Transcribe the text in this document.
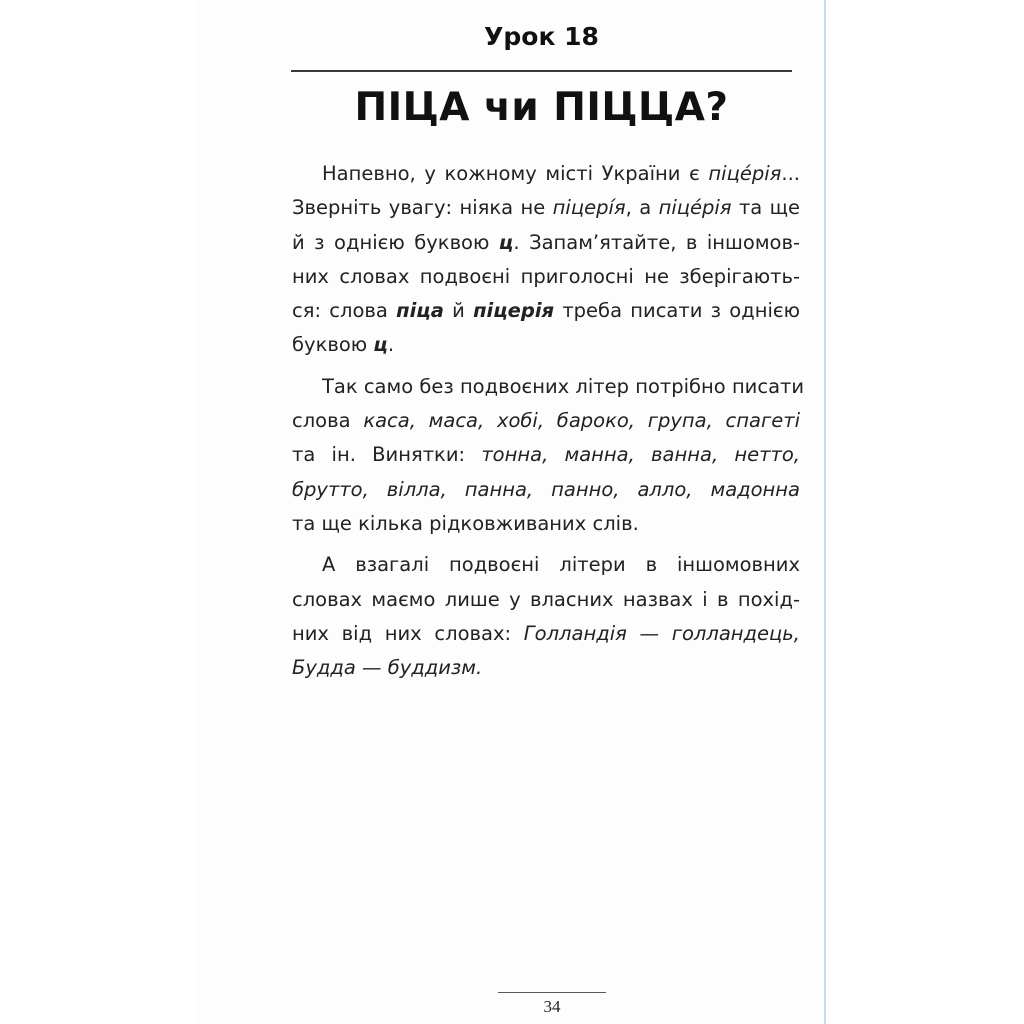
Урок 18
ПІЦА чи ПІЦЦА?

Напевно, у кожному місті України є піце́рія...
Зверніть увагу: ніяка не піцері́я, а піце́рія та ще
й з однією буквою ц. Запам’ятайте, в іншомов-
них словах подвоєні приголосні не зберігають-
ся: слова піца й піцерія треба писати з однією
буквою ц.

Так само без подвоєних літер потрібно писати
слова каса, маса, хобі, бароко, група, спагеті
та ін. Винятки: тонна, манна, ванна, нетто,
брутто, вілла, панна, панно, алло, мадонна
та ще кілька рідковживаних слів.

А взагалі подвоєні літери в іншомовних
словах маємо лише у власних назвах і в похід-
них від них словах: Голландія — голландець,
Будда — буддизм.

34
